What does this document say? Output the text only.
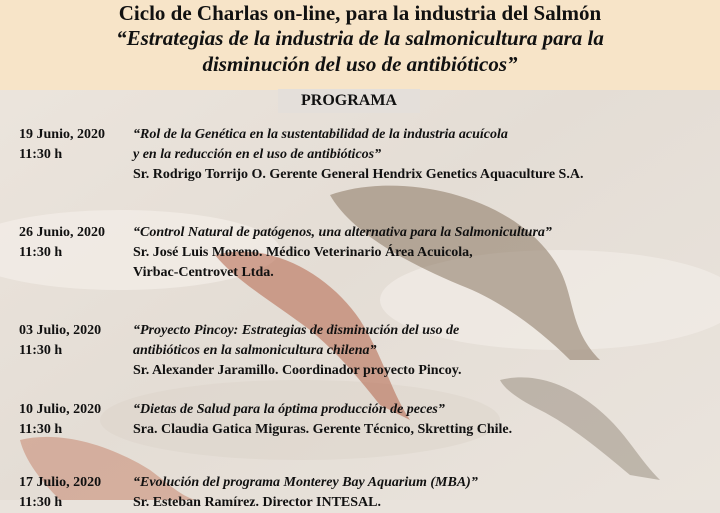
Ciclo de Charlas on-line, para la industria del Salmón
“Estrategias de la industria de la salmonicultura para la
disminución del uso de antibióticos”
PROGRAMA
19 Junio, 2020
11:30 h
“Rol de la Genética en la sustentabilidad de la industria acuícola
y en la reducción en el uso de antibióticos”
Sr. Rodrigo Torrijo O. Gerente General Hendrix Genetics Aquaculture S.A.
26 Junio, 2020
11:30 h
“Control Natural de patógenos, una alternativa para la Salmonicultura”
Sr. José Luis Moreno. Médico Veterinario Área Acuicola,
Virbac-Centrovet Ltda.
03 Julio, 2020
11:30 h
“Proyecto Pincoy: Estrategias de disminución del uso de
antibióticos en la salmonicultura chilena”
Sr. Alexander Jaramillo. Coordinador proyecto Pincoy.
10 Julio, 2020
11:30 h
“Dietas de Salud para la óptima producción de peces”
Sra. Claudia Gatica Miguras. Gerente Técnico, Skretting Chile.
17 Julio, 2020
11:30 h
“Evolución del programa Monterey Bay Aquarium (MBA)”
Sr. Esteban Ramírez. Director INTESAL.
